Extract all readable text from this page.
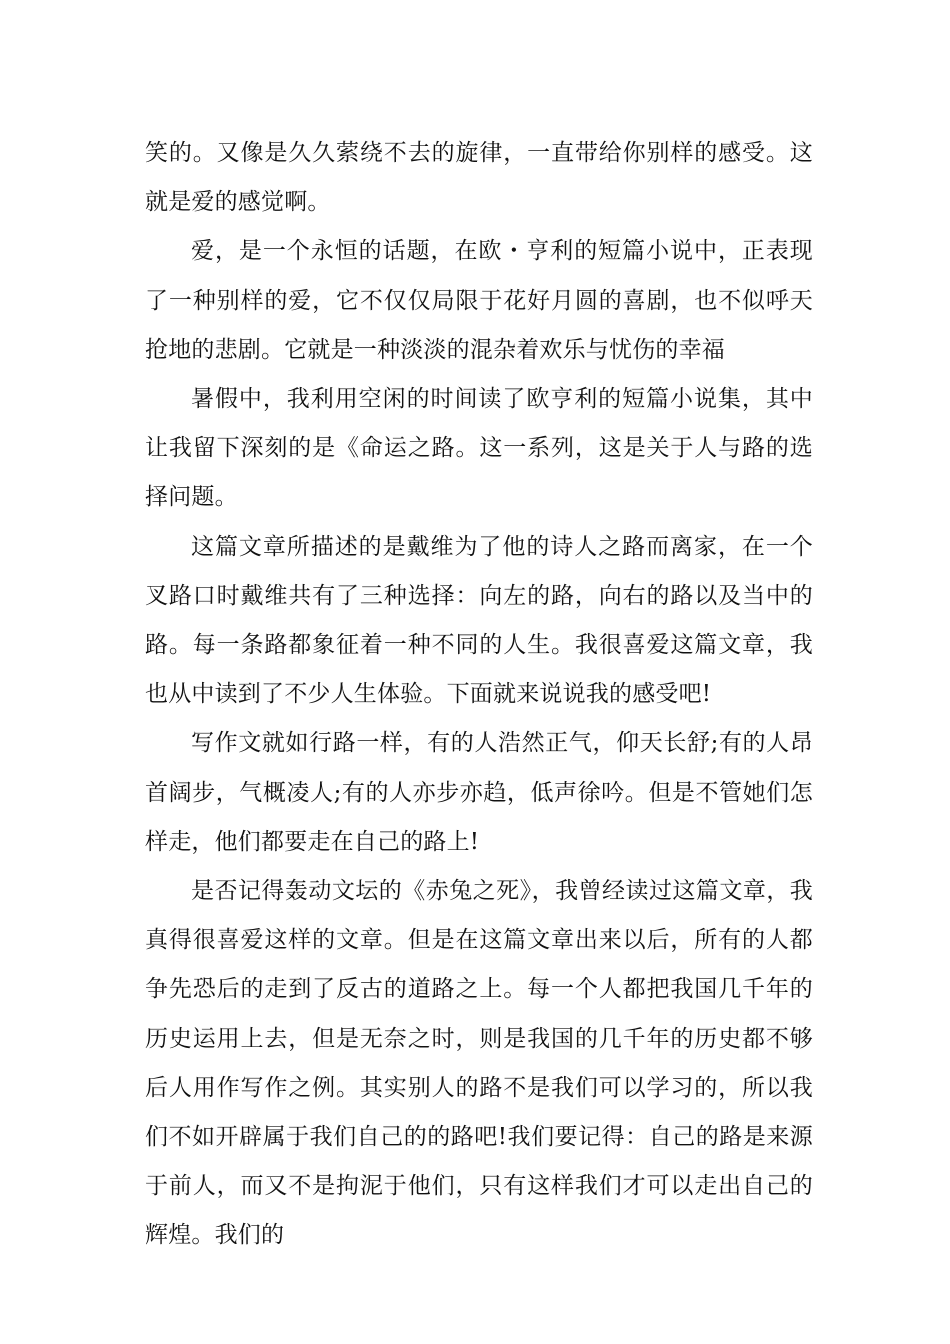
笑的。又像是久久萦绕不去的旋律，一直带给你别样的感受。这就是爱的感觉啊。

爱，是一个永恒的话题，在欧・亨利的短篇小说中，正表现了一种别样的爱，它不仅仅局限于花好月圆的喜剧，也不似呼天抢地的悲剧。它就是一种淡淡的混杂着欢乐与忧伤的幸福

暑假中，我利用空闲的时间读了欧亨利的短篇小说集，其中让我留下深刻的是《命运之路。这一系列，这是关于人与路的选择问题。

这篇文章所描述的是戴维为了他的诗人之路而离家，在一个叉路口时戴维共有了三种选择：向左的路，向右的路以及当中的路。每一条路都象征着一种不同的人生。我很喜爱这篇文章，我也从中读到了不少人生体验。下面就来说说我的感受吧!

写作文就如行路一样，有的人浩然正气，仰天长舒;有的人昂首阔步，气概凌人;有的人亦步亦趋，低声徐吟。但是不管她们怎样走，他们都要走在自己的路上!

是否记得轰动文坛的《赤兔之死》，我曾经读过这篇文章，我真得很喜爱这样的文章。但是在这篇文章出来以后，所有的人都争先恐后的走到了反古的道路之上。每一个人都把我国几千年的历史运用上去，但是无奈之时，则是我国的几千年的历史都不够后人用作写作之例。其实别人的路不是我们可以学习的，所以我们不如开辟属于我们自己的的路吧!我们要记得：自己的路是来源于前人，而又不是拘泥于他们，只有这样我们才可以走出自己的辉煌。我们的
